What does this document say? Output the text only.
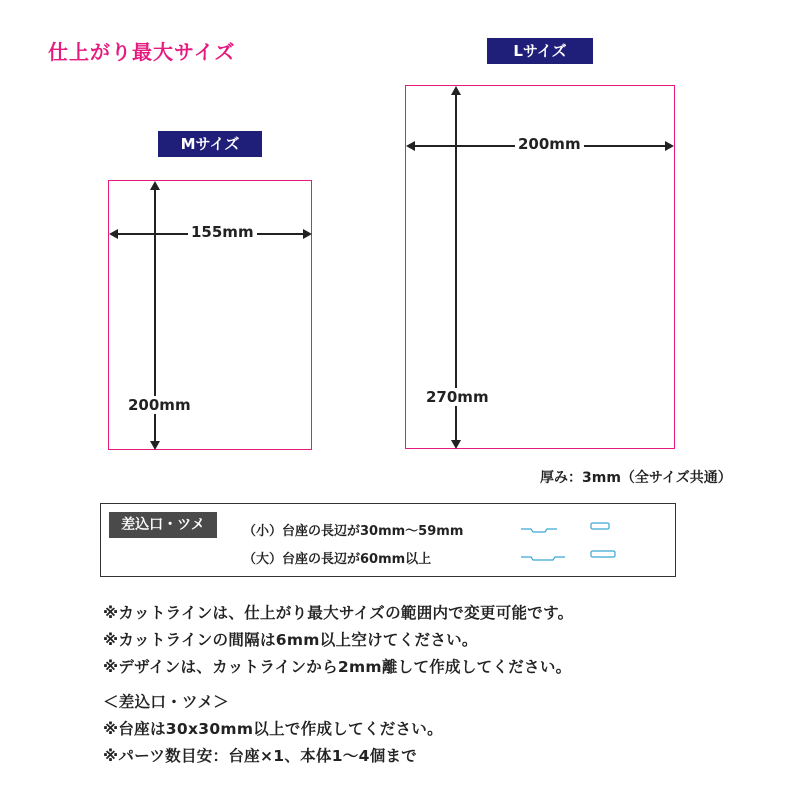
仕上がり最大サイズ
Mサイズ
200mm
155mm
Lサイズ
270mm
200mm
厚み：3mm（全サイズ共通）
差込口・ツメ	（小）台座の長辺が30mm〜59mm
（大）台座の長辺が60mm以上
※カットラインは、仕上がり最大サイズの範囲内で変更可能です。
※カットラインの間隔は6mm以上空けてください。
※デザインは、カットラインから2mm離して作成してください。
＜差込口・ツメ＞
※台座は30x30mm以上で作成してください。
※パーツ数目安：台座×1、本体1〜4個まで
